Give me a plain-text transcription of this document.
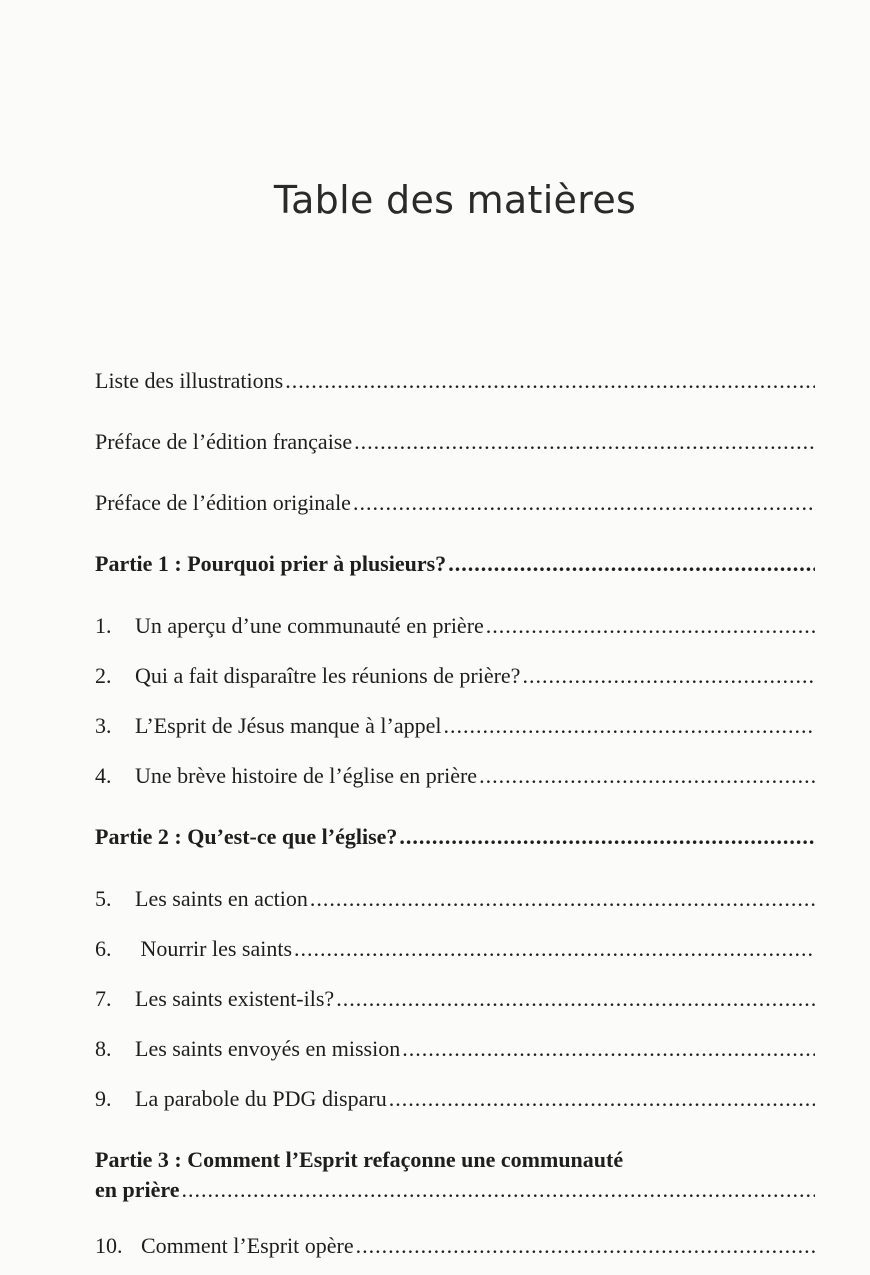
Table des matières
Liste des illustrations
.....
Préface de l’édition française
.....
Préface de l’édition originale
.....
Partie 1 : Pourquoi prier à plusieurs?
.....
1.	Un aperçu d’une communauté en prière
.....
2.	Qui a fait disparaître les réunions de prière?
.....
3.	L’Esprit de Jésus manque à l’appel
.....
4.	Une brève histoire de l’église en prière
.....
Partie 2 : Qu’est-ce que l’église?
.....
5.	Les saints en action
.....
6.	Nourrir les saints
.....
7.	Les saints existent-ils?
.....
8.	Les saints envoyés en mission
.....
9.	La parabole du PDG disparu
.....
Partie 3 : Comment l’Esprit refaçonne une communauté
en prière
.....
10. Comment l’Esprit opère
.....
